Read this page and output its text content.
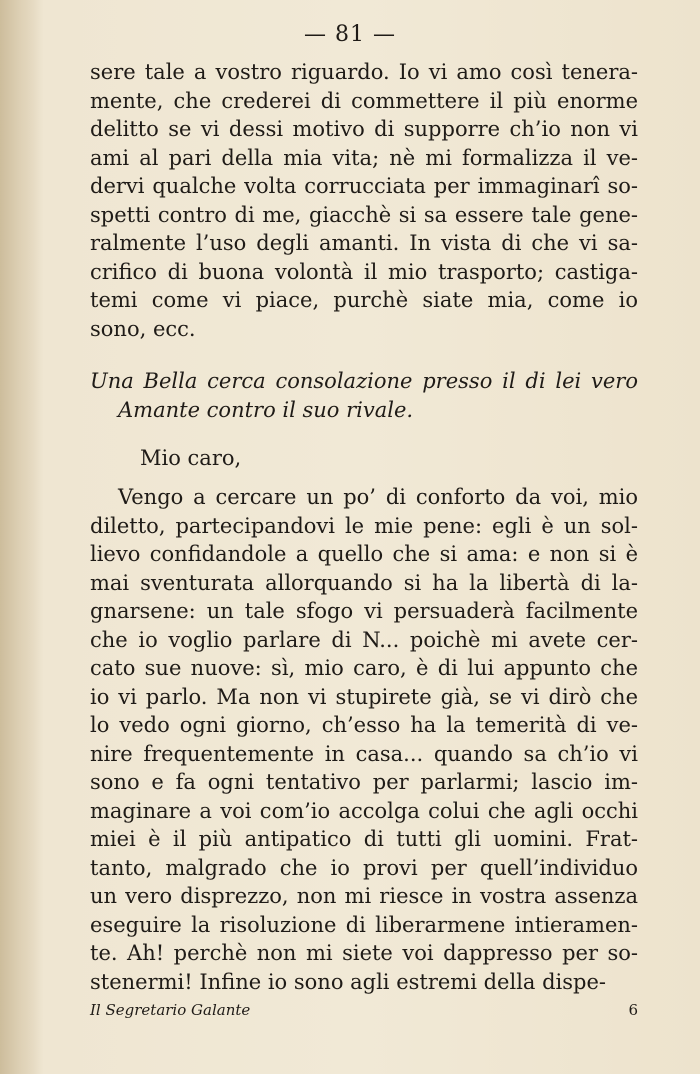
— 81 —
sere tale a vostro riguardo. Io vi amo così tenera-
mente, che crederei di commettere il più enorme
delitto se vi dessi motivo di supporre ch’io non vi
ami al pari della mia vita; nè mi formalizza il ve-
dervi qualche volta corrucciata per immaginarî so-
spetti contro di me, giacchè si sa essere tale gene-
ralmente l’uso degli amanti. In vista di che vi sa-
crifico di buona volontà il mio trasporto; castiga-
temi come vi piace, purchè siate mia, come io
sono, ecc.
Una Bella cerca consolazione presso il di lei vero
Amante contro il suo rivale.
Mio caro,
Vengo a cercare un po’ di conforto da voi, mio
diletto, partecipandovi le mie pene: egli è un sol-
lievo confidandole a quello che si ama: e non si è
mai sventurata allorquando si ha la libertà di la-
gnarsene: un tale sfogo vi persuaderà facilmente
che io voglio parlare di N... poichè mi avete cer-
cato sue nuove: sì, mio caro, è di lui appunto che
io vi parlo. Ma non vi stupirete già, se vi dirò che
lo vedo ogni giorno, ch’esso ha la temerità di ve-
nire frequentemente in casa... quando sa ch’io vi
sono e fa ogni tentativo per parlarmi; lascio im-
maginare a voi com’io accolga colui che agli occhi
miei è il più antipatico di tutti gli uomini. Frat-
tanto, malgrado che io provi per quell’individuo
un vero disprezzo, non mi riesce in vostra assenza
eseguire la risoluzione di liberarmene intieramen-
te. Ah! perchè non mi siete voi dappresso per so-
stenermi! Infine io sono agli estremi della dispe-
Il Segretario Galante	6
